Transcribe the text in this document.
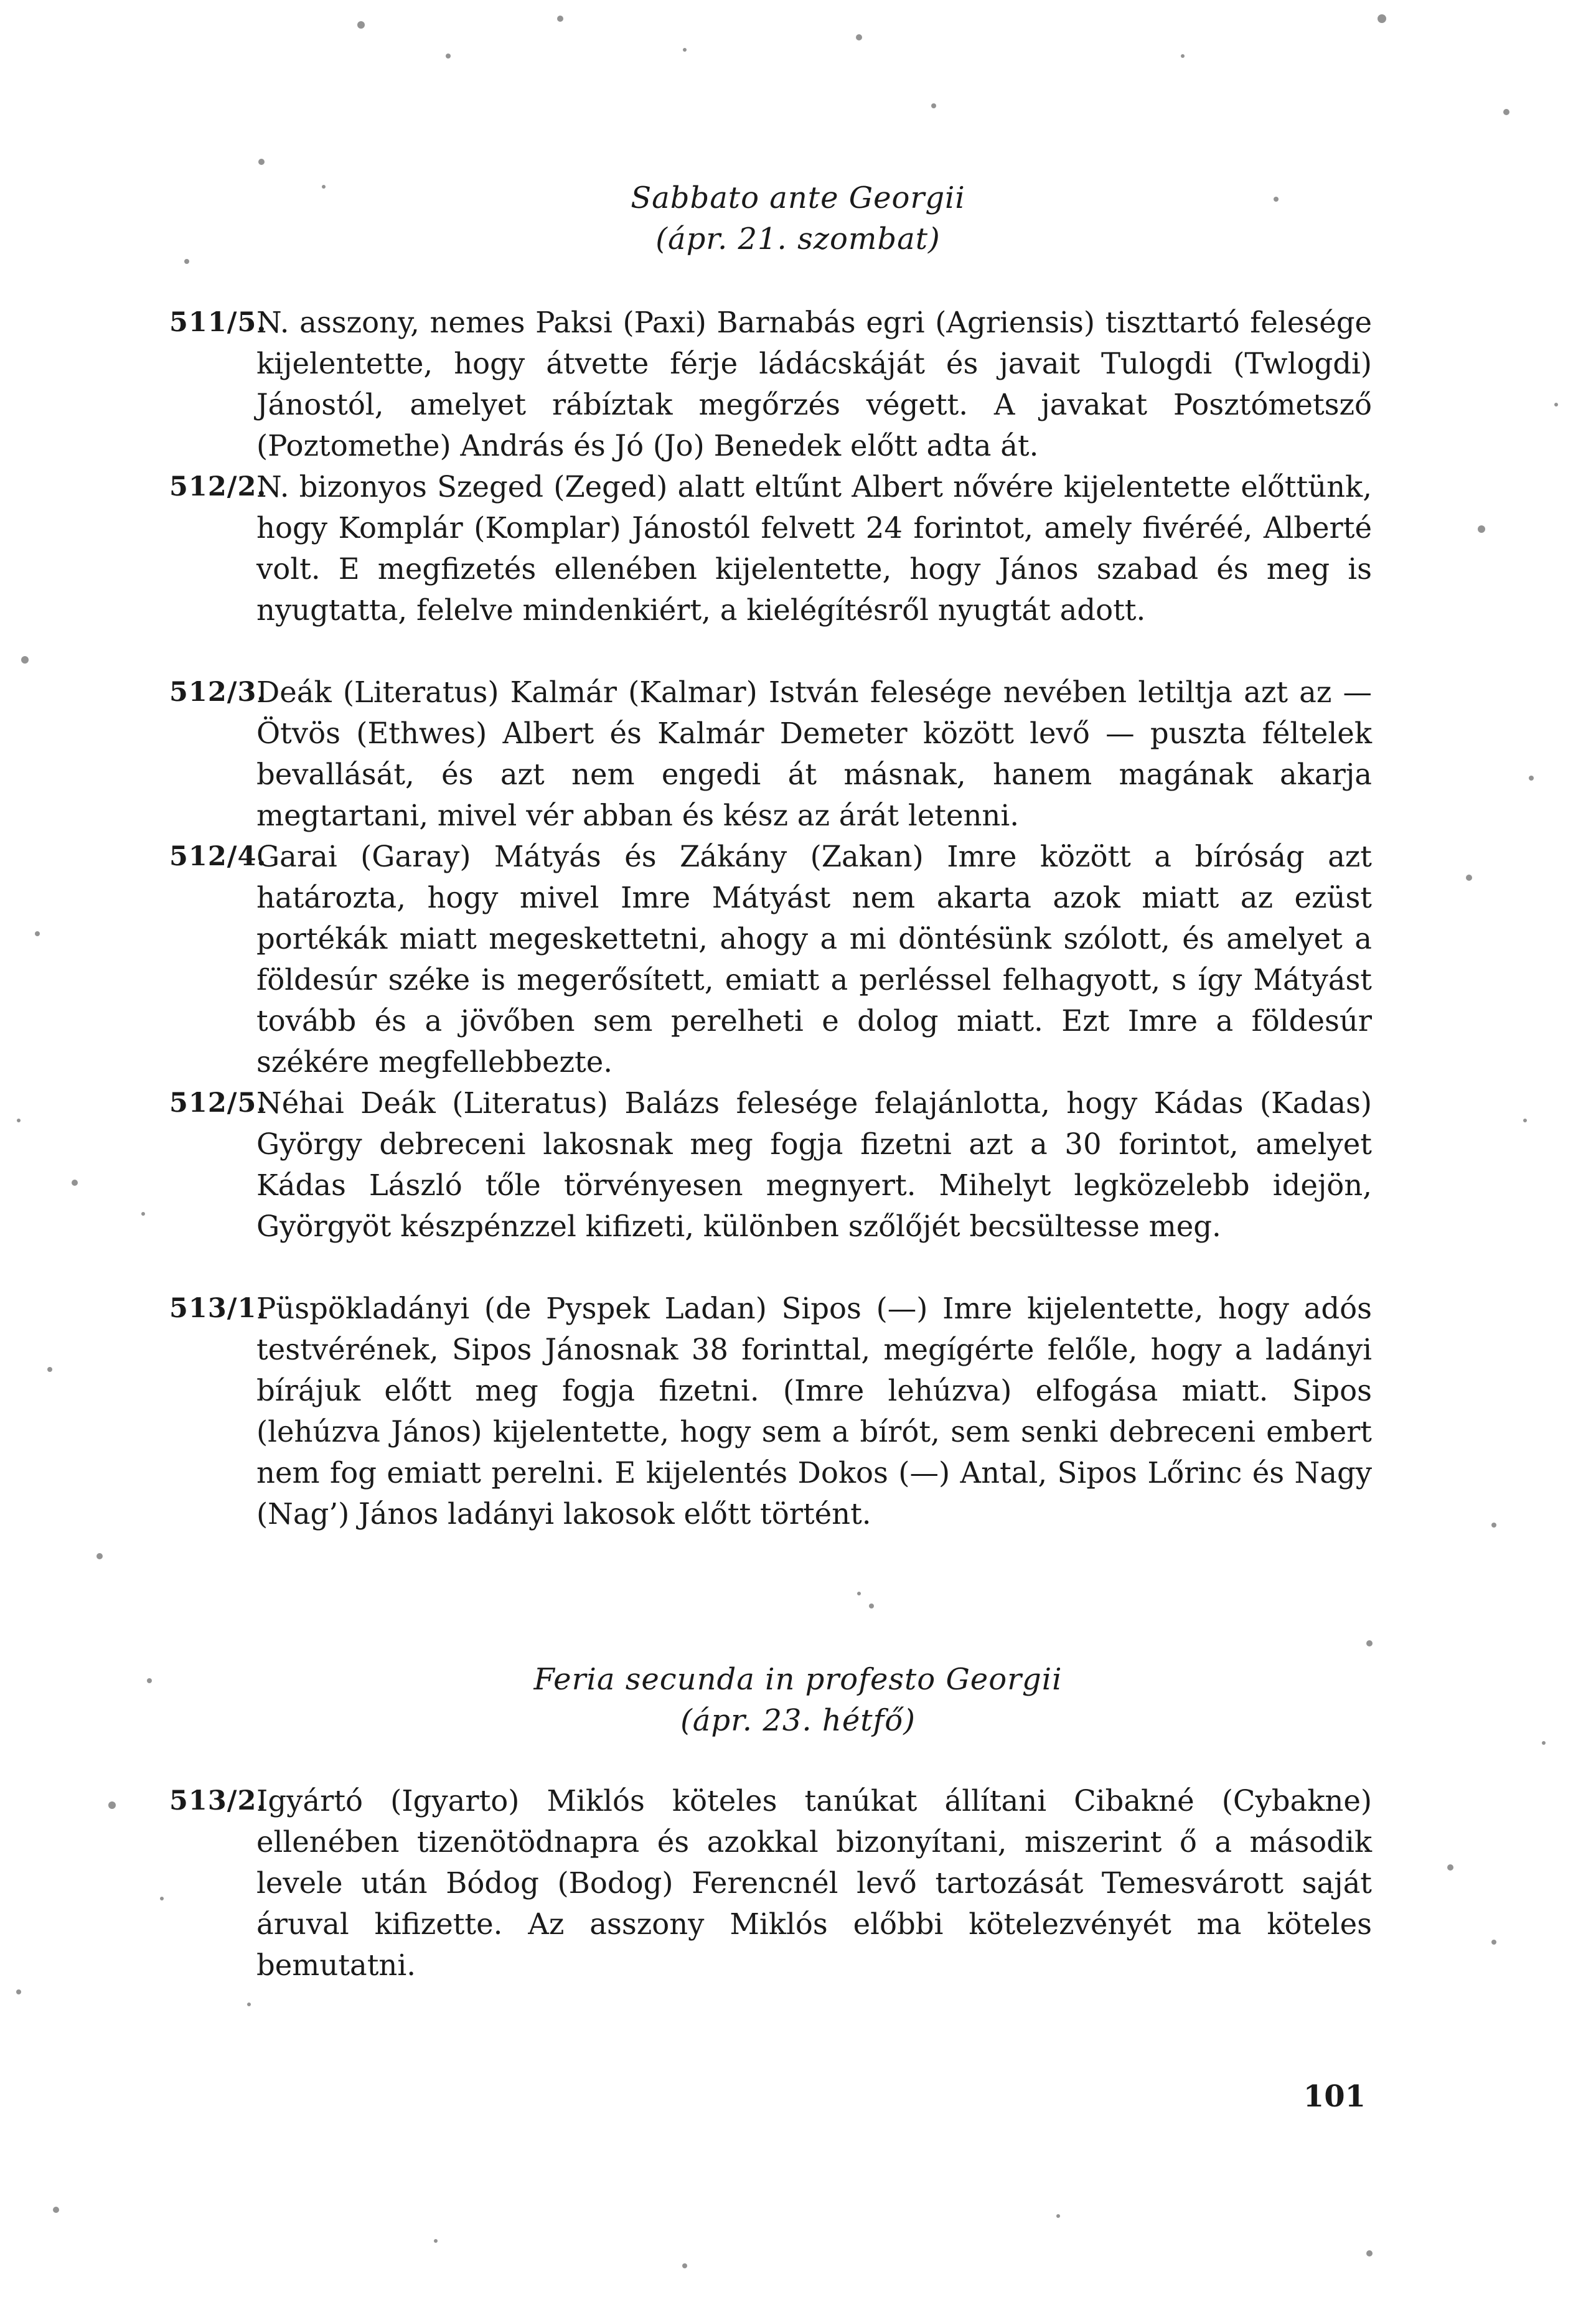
Sabbato ante Georgii
(ápr. 21. szombat)
511/5.
N. asszony, nemes Paksi (Paxi) Barnabás egri (Agriensis) tiszttartó felesége kijelentette, hogy átvette férje ládácskáját és javait Tulogdi (Twlogdi) Jánostól, amelyet rábíztak megőrzés végett. A javakat Posztómetsző (Poztomethe) András és Jó (Jo) Benedek előtt adta át.
512/2.
N. bizonyos Szeged (Zeged) alatt eltűnt Albert nővére kijelentette előttünk, hogy Komplár (Komplar) Jánostól felvett 24 forintot, amely fivéréé, Alberté volt. E megfizetés ellenében kijelentette, hogy János szabad és meg is nyugtatta, felelve mindenkiért, a kielégítésről nyugtát adott.
512/3.
Deák (Literatus) Kalmár (Kalmar) István felesége nevében letiltja azt az — Ötvös (Ethwes) Albert és Kalmár Demeter között levő — puszta féltelek bevallását, és azt nem engedi át másnak, hanem magának akarja megtartani, mivel vér abban és kész az árát letenni.
512/4.
Garai (Garay) Mátyás és Zákány (Zakan) Imre között a bíróság azt határozta, hogy mivel Imre Mátyást nem akarta azok miatt az ezüst portékák miatt megeskettetni, ahogy a mi döntésünk szólott, és amelyet a földesúr széke is megerősített, emiatt a perléssel felhagyott, s így Mátyást tovább és a jövőben sem perelheti e dolog miatt. Ezt Imre a földesúr székére megfellebbezte.
512/5.
Néhai Deák (Literatus) Balázs felesége felajánlotta, hogy Kádas (Kadas) György debreceni lakosnak meg fogja fizetni azt a 30 forintot, amelyet Kádas László tőle törvényesen megnyert. Mihelyt legközelebb idejön, Györgyöt készpénzzel kifizeti, különben szőlőjét becsültesse meg.
513/1.
Püspökladányi (de Pyspek Ladan) Sipos (—) Imre kijelentette, hogy adós testvérének, Sipos Jánosnak 38 forinttal, megígérte felőle, hogy a ladányi bírájuk előtt meg fogja fizetni. (Imre lehúzva) elfogása miatt. Sipos (lehúzva János) kijelentette, hogy sem a bírót, sem senki debreceni embert nem fog emiatt perelni. E kijelentés Dokos (—) Antal, Sipos Lőrinc és Nagy (Nag’) János ladányi lakosok előtt történt.
Feria secunda in profesto Georgii
(ápr. 23. hétfő)
513/2.
Igyártó (Igyarto) Miklós köteles tanúkat állítani Cibakné (Cybakne) ellenében tizenötödnapra és azokkal bizonyítani, miszerint ő a második levele után Bódog (Bodog) Ferencnél levő tartozását Temesvárott saját áruval kifizette. Az asszony Miklós előbbi kötelezvényét ma köteles bemutatni.
101
